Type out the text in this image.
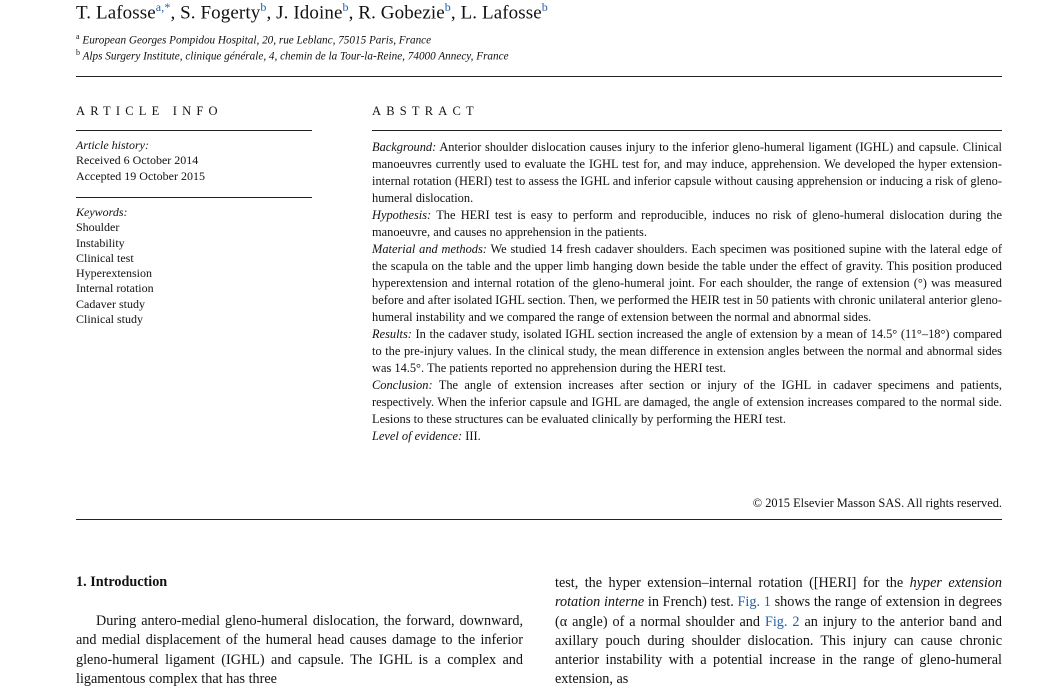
T. Lafosse$^{a,*}$, S. Fogerty$^b$, J. Idoine$^b$, R. Gobezie$^b$, L. Lafosse$^b$
$^a$ European Georges Pompidou Hospital, 20, rue Leblanc, 75015 Paris, France
$^b$ Alps Surgery Institute, clinique générale, 4, chemin de la Tour-la-Reine, 74000 Annecy, France
ARTICLE INFO	ABSTRACT
Article history:
Received 6 October 2014
Accepted 19 October 2015
Keywords:
Shoulder
Instability
Clinical test
Hyperextension
Internal rotation
Cadaver study
Clinical study

Background: Anterior shoulder dislocation causes injury to the inferior gleno-humeral ligament (IGHL) and capsule. Clinical manoeuvres currently used to evaluate the IGHL test for, and may induce, apprehension. We developed the hyper extension-internal rotation (HERI) test to assess the IGHL and inferior capsule without causing apprehension or inducing a risk of gleno-humeral dislocation.

Hypothesis: The HERI test is easy to perform and reproducible, induces no risk of gleno-humeral dislocation during the manoeuvre, and causes no apprehension in the patients.

Material and methods: We studied 14 fresh cadaver shoulders. Each specimen was positioned supine with the lateral edge of the scapula on the table and the upper limb hanging down beside the table under the effect of gravity. This position produced hyperextension and internal rotation of the gleno-humeral joint. For each shoulder, the range of extension (°) was measured before and after isolated IGHL section. Then, we performed the HEIR test in 50 patients with chronic unilateral anterior gleno-humeral instability and we compared the range of extension between the normal and abnormal sides.

Results: In the cadaver study, isolated IGHL section increased the angle of extension by a mean of 14.5° (11°–18°) compared to the pre-injury values. In the clinical study, the mean difference in extension angles between the normal and abnormal sides was 14.5°. The patients reported no apprehension during the HERI test.

Conclusion: The angle of extension increases after section or injury of the IGHL in cadaver specimens and patients, respectively. When the inferior capsule and IGHL are damaged, the angle of extension increases compared to the normal side. Lesions to these structures can be evaluated clinically by performing the HERI test.

Level of evidence: III.

© 2015 Elsevier Masson SAS. All rights reserved.
1. Introduction

During antero-medial gleno-humeral dislocation, the forward, downward, and medial displacement of the humeral head causes damage to the inferior gleno-humeral ligament (IGHL) and capsule. The IGHL is a complex and ligamentous complex that has three

test, the hyper extension–internal rotation ([HERI] for the hyper extension rotation interne in French) test. Fig. 1 shows the range of extension in degrees (α angle) of a normal shoulder and Fig. 2 an injury to the anterior band and axillary pouch during shoulder dislocation. This injury can cause chronic anterior instability with a potential increase in the range of gleno-humeral extension, as
